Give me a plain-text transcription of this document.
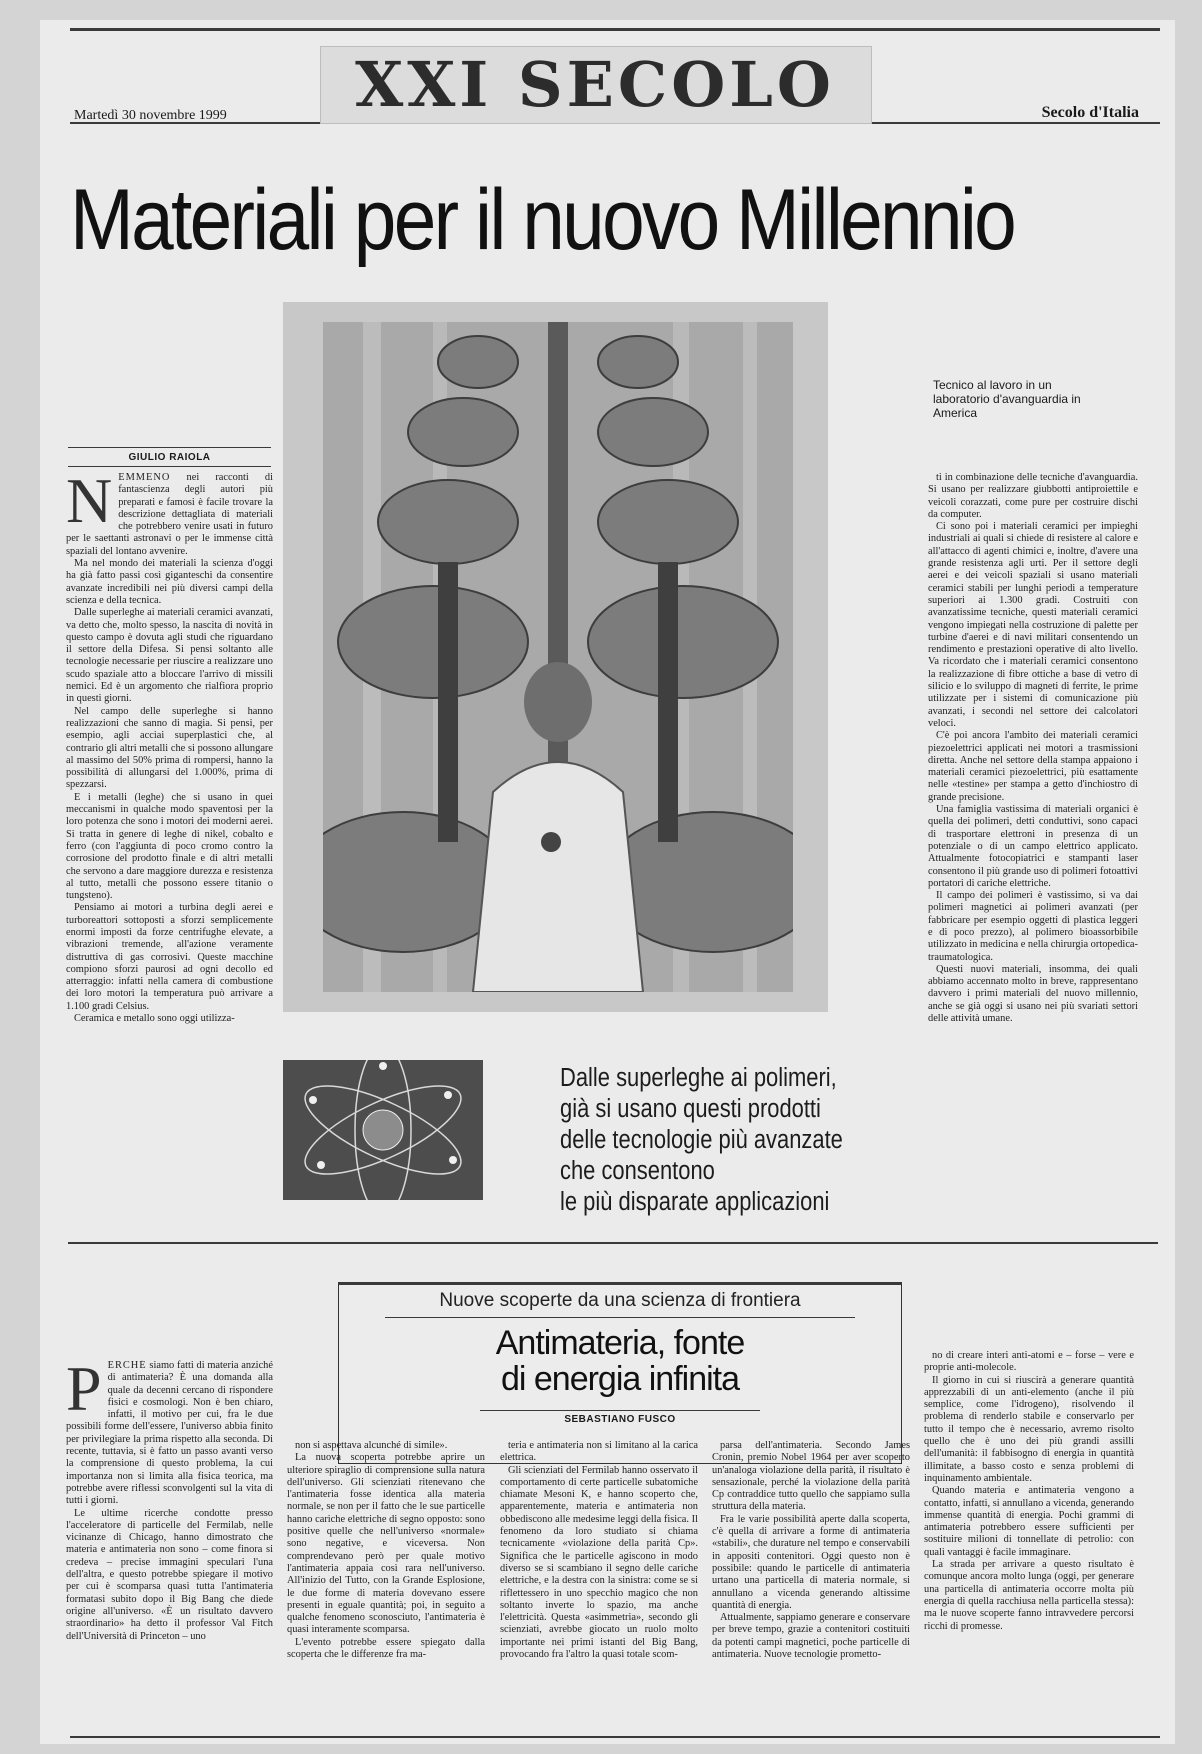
XXI SECOLO
Martedì 30 novembre 1999	Secolo d'Italia
Materiali per il nuovo Millennio
Tecnico al lavoro in un laboratorio d'avanguardia in America
GIULIO RAIOLA
NEMMENO nei racconti di fantascienza degli autori più preparati e famosi è facile trovare la descrizione dettagliata di materiali che potrebbero venire usati in futuro per le saettanti astronavi o per le immense città spaziali del lontano avvenire.

Ma nel mondo dei materiali la scienza d'oggi ha già fatto passi così giganteschi da consentire avanzate incredibili nei più diversi campi della scienza e della tecnica.

Dalle superleghe ai materiali ceramici avanzati, va detto che, molto spesso, la nascita di novità in questo campo è dovuta agli studi che riguardano il settore della Difesa. Si pensi soltanto alle tecnologie necessarie per riuscire a realizzare uno scudo spaziale atto a bloccare l'arrivo di missili nemici. Ed è un argomento che rialfiora proprio in questi giorni.

Nel campo delle superleghe si hanno realizzazioni che sanno di magia. Si pensi, per esempio, agli acciai superplastici che, al contrario gli altri metalli che si possono allungare al massimo del 50% prima di rompersi, hanno la possibilità di allungarsi del 1.000%, prima di spezzarsi.

E i metalli (leghe) che si usano in quei meccanismi in qualche modo spaventosi per la loro potenza che sono i motori dei moderni aerei. Si tratta in genere di leghe di nikel, cobalto e ferro (con l'aggiunta di poco cromo contro la corrosione del prodotto finale e di altri metalli che servono a dare maggiore durezza e resistenza al tutto, metalli che possono essere titanio o tungsteno).

Pensiamo ai motori a turbina degli aerei e turboreattori sottoposti a sforzi semplicemente enormi imposti da forze centrifughe elevate, a vibrazioni tremende, all'azione veramente distruttiva di gas corrosivi. Queste macchine compiono sforzi paurosi ad ogni decollo ed atterraggio: infatti nella camera di combustione dei loro motori la temperatura può arrivare a 1.100 gradi Celsius.

Ceramica e metallo sono oggi utilizza-

ti in combinazione delle tecniche d'avanguardia. Si usano per realizzare giubbotti antiproiettile e veicoli corazzati, come pure per costruire dischi da computer.

Ci sono poi i materiali ceramici per impieghi industriali ai quali si chiede di resistere al calore e all'attacco di agenti chimici e, inoltre, d'avere una grande resistenza agli urti. Per il settore degli aerei e dei veicoli spaziali si usano materiali ceramici stabili per lunghi periodi a temperature superiori ai 1.300 gradi. Costruiti con avanzatissime tecniche, questi materiali ceramici vengono impiegati nella costruzione di palette per turbine d'aerei e di navi militari consentendo un rendimento e prestazioni operative di alto livello. Va ricordato che i materiali ceramici consentono la realizzazione di fibre ottiche a base di vetro di silicio e lo sviluppo di magneti di ferrite, le prime utilizzate per i sistemi di comunicazione più avanzati, i secondi nel settore dei calcolatori veloci.

C'è poi ancora l'ambito dei materiali ceramici piezoelettrici applicati nei motori a trasmissioni diretta. Anche nel settore della stampa appaiono i materiali ceramici piezoelettrici, più esattamente nelle «testine» per stampa a getto d'inchiostro di grande precisione.

Una famiglia vastissima di materiali organici è quella dei polimeri, detti conduttivi, sono capaci di trasportare elettroni in presenza di un potenziale o di un campo elettrico applicato. Attualmente fotocopiatrici e stampanti laser consentono il più grande uso di polimeri fotoattivi portatori di cariche elettriche.

Il campo dei polimeri è vastissimo, si va dai polimeri magnetici ai polimeri avanzati (per fabbricare per esempio oggetti di plastica leggeri e di poco prezzo), al polimero bioassorbibile utilizzato in medicina e nella chirurgia ortopedica-traumatologica.

Questi nuovi materiali, insomma, dei quali abbiamo accennato molto in breve, rappresentano davvero i primi materiali del nuovo millennio, anche se già oggi si usano nei più svariati settori delle attività umane.

Dalle superleghe ai polimeri,
già si usano questi prodotti
delle tecnologie più avanzate
che consentono
le più disparate applicazioni
Nuove scoperte da una scienza di frontiera
Antimateria, fonte
di energia infinita
SEBASTIANO FUSCO
PERCHÉ siamo fatti di materia anziché di antimateria? È una domanda alla quale da decenni cercano di rispondere fisici e cosmologi. Non è ben chiaro, infatti, il motivo per cui, fra le due possibili forme dell'essere, l'universo abbia finito per privilegiare la prima rispetto alla seconda. Di recente, tuttavia, si è fatto un passo avanti verso la comprensione di questo problema, la cui importanza non si limita alla fisica teorica, ma potrebbe avere riflessi sconvolgenti sul la vita di tutti i giorni.

Le ultime ricerche condotte presso l'acceleratore di particelle del Fermilab, nelle vicinanze di Chicago, hanno dimostrato che materia e antimateria non sono – come finora si credeva – precise immagini speculari l'una dell'altra, e questo potrebbe spiegare il motivo per cui è scomparsa quasi tutta l'antimateria formatasi subito dopo il Big Bang che diede origine all'universo. «È un risultato davvero straordinario» ha detto il professor Val Fitch dell'Università di Princeton – uno

non si aspettava alcunché di simile».

La nuova scoperta potrebbe aprire un ulteriore spiraglio di comprensione sulla natura dell'universo. Gli scienziati ritenevano che l'antimateria fosse identica alla materia normale, se non per il fatto che le sue particelle hanno cariche elettriche di segno opposto: sono positive quelle che nell'universo «normale» sono negative, e viceversa. Non comprendevano però per quale motivo l'antimateria appaia così rara nell'universo. All'inizio del Tutto, con la Grande Esplosione, le due forme di materia dovevano essere presenti in eguale quantità; poi, in seguito a qualche fenomeno sconosciuto, l'antimateria è quasi interamente scomparsa.

L'evento potrebbe essere spiegato dalla scoperta che le differenze fra ma-

teria e antimateria non si limitano al la carica elettrica.

Gli scienziati del Fermilab hanno osservato il comportamento di certe particelle subatomiche chiamate Mesoni K, e hanno scoperto che, apparentemente, materia e antimateria non obbediscono alle medesime leggi della fisica. Il fenomeno da loro studiato si chiama tecnicamente «violazione della parità Cp». Significa che le particelle agiscono in modo diverso se si scambiano il segno delle cariche elettriche, e la destra con la sinistra: come se si riflettessero in uno specchio magico che non soltanto inverte lo spazio, ma anche l'elettricità. Questa «asimmetria», secondo gli scienziati, avrebbe giocato un ruolo molto importante nei primi istanti del Big Bang, provocando fra l'altro la quasi totale scom-

parsa dell'antimateria. Secondo James Cronin, premio Nobel 1964 per aver scoperto un'analoga violazione della parità, il risultato è sensazionale, perché la violazione della parità Cp contraddice tutto quello che sappiamo sulla struttura della materia.

Fra le varie possibilità aperte dalla scoperta, c'è quella di arrivare a forme di antimateria «stabili», che durature nel tempo e conservabili in appositi contenitori. Oggi questo non è possibile: quando le particelle di antimateria urtano una particella di materia normale, si annullano a vicenda generando altissime quantità di energia.

Attualmente, sappiamo generare e conservare per breve tempo, grazie a contenitori costituiti da potenti campi magnetici, poche particelle di antimateria. Nuove tecnologie prometto-

no di creare interi anti-atomi e – forse – vere e proprie anti-molecole.

Il giorno in cui si riuscirà a generare quantità apprezzabili di un anti-elemento (anche il più semplice, come l'idrogeno), risolvendo il problema di renderlo stabile e conservarlo per tutto il tempo che è necessario, avremo risolto quello che è uno dei più grandi assilli dell'umanità: il fabbisogno di energia in quantità illimitate, a basso costo e senza problemi di inquinamento ambientale.

Quando materia e antimateria vengono a contatto, infatti, si annullano a vicenda, generando immense quantità di energia. Pochi grammi di antimateria potrebbero essere sufficienti per sostituire milioni di tonnellate di petrolio: con quali vantaggi è facile immaginare.

La strada per arrivare a questo risultato è comunque ancora molto lunga (oggi, per generare una particella di antimateria occorre molta più energia di quella racchiusa nella particella stessa): ma le nuove scoperte fanno intravvedere percorsi ricchi di promesse.
